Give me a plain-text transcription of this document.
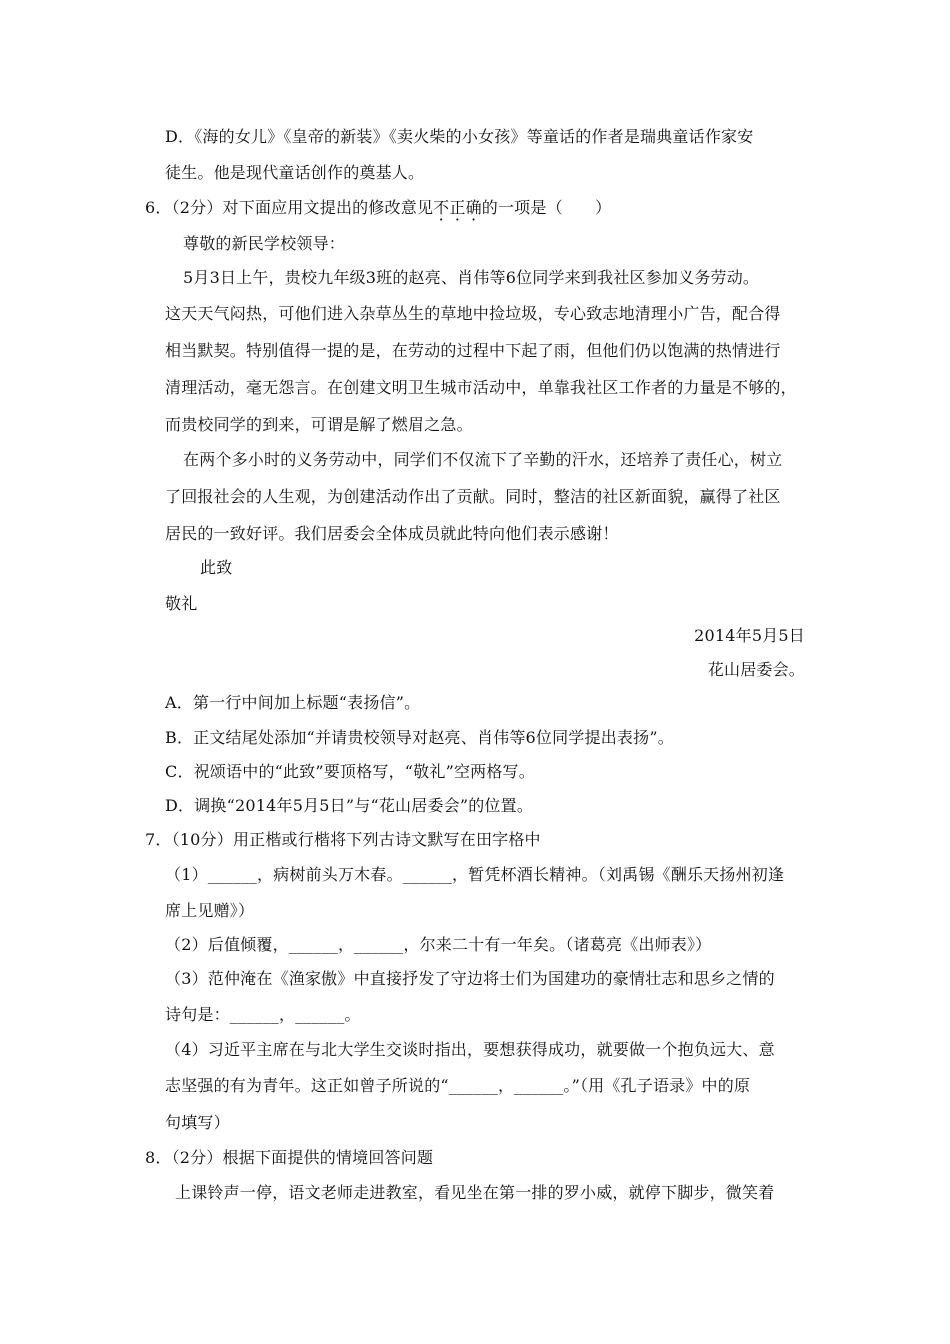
D．《海的女儿》《皇帝的新装》《卖火柴的小女孩》等童话的作者是瑞典童话作家安
徒生。他是现代童话创作的奠基人。
6．（2分）对下面应用文提出的修改意见不正确的一项是（　　）
尊敬的新民学校领导：
5月3日上午，贵校九年级3班的赵亮、肖伟等6位同学来到我社区参加义务劳动。
这天天气闷热，可他们进入杂草丛生的草地中捡垃圾，专心致志地清理小广告，配合得
相当默契。特别值得一提的是，在劳动的过程中下起了雨，但他们仍以饱满的热情进行
清理活动，毫无怨言。在创建文明卫生城市活动中，单靠我社区工作者的力量是不够的，
而贵校同学的到来，可谓是解了燃眉之急。
在两个多小时的义务劳动中，同学们不仅流下了辛勤的汗水，还培养了责任心，树立
了回报社会的人生观，为创建活动作出了贡献。同时，整洁的社区新面貌，赢得了社区
居民的一致好评。我们居委会全体成员就此特向他们表示感谢！
此致
敬礼
2014年5月5日
花山居委会。
A．第一行中间加上标题“表扬信”。
B．正文结尾处添加“并请贵校领导对赵亮、肖伟等6位同学提出表扬”。
C．祝颂语中的“此致”要顶格写，“敬礼”空两格写。
D．调换“2014年5月5日”与“花山居委会”的位置。
7．（10分）用正楷或行楷将下列古诗文默写在田字格中
（1）______，病树前头万木春。______，暂凭杯酒长精神。（刘禹锡《酬乐天扬州初逢
席上见赠》）
（2）后值倾覆，______，______，尔来二十有一年矣。（诸葛亮《出师表》）
（3）范仲淹在《渔家傲》中直接抒发了守边将士们为国建功的豪情壮志和思乡之情的
诗句是：______，______。
（4）习近平主席在与北大学生交谈时指出，要想获得成功，就要做一个抱负远大、意
志坚强的有为青年。这正如曾子所说的“______，______。”（用《孔子语录》中的原
句填写）
8．（2分）根据下面提供的情境回答问题
上课铃声一停，语文老师走进教室，看见坐在第一排的罗小威，就停下脚步，微笑着
